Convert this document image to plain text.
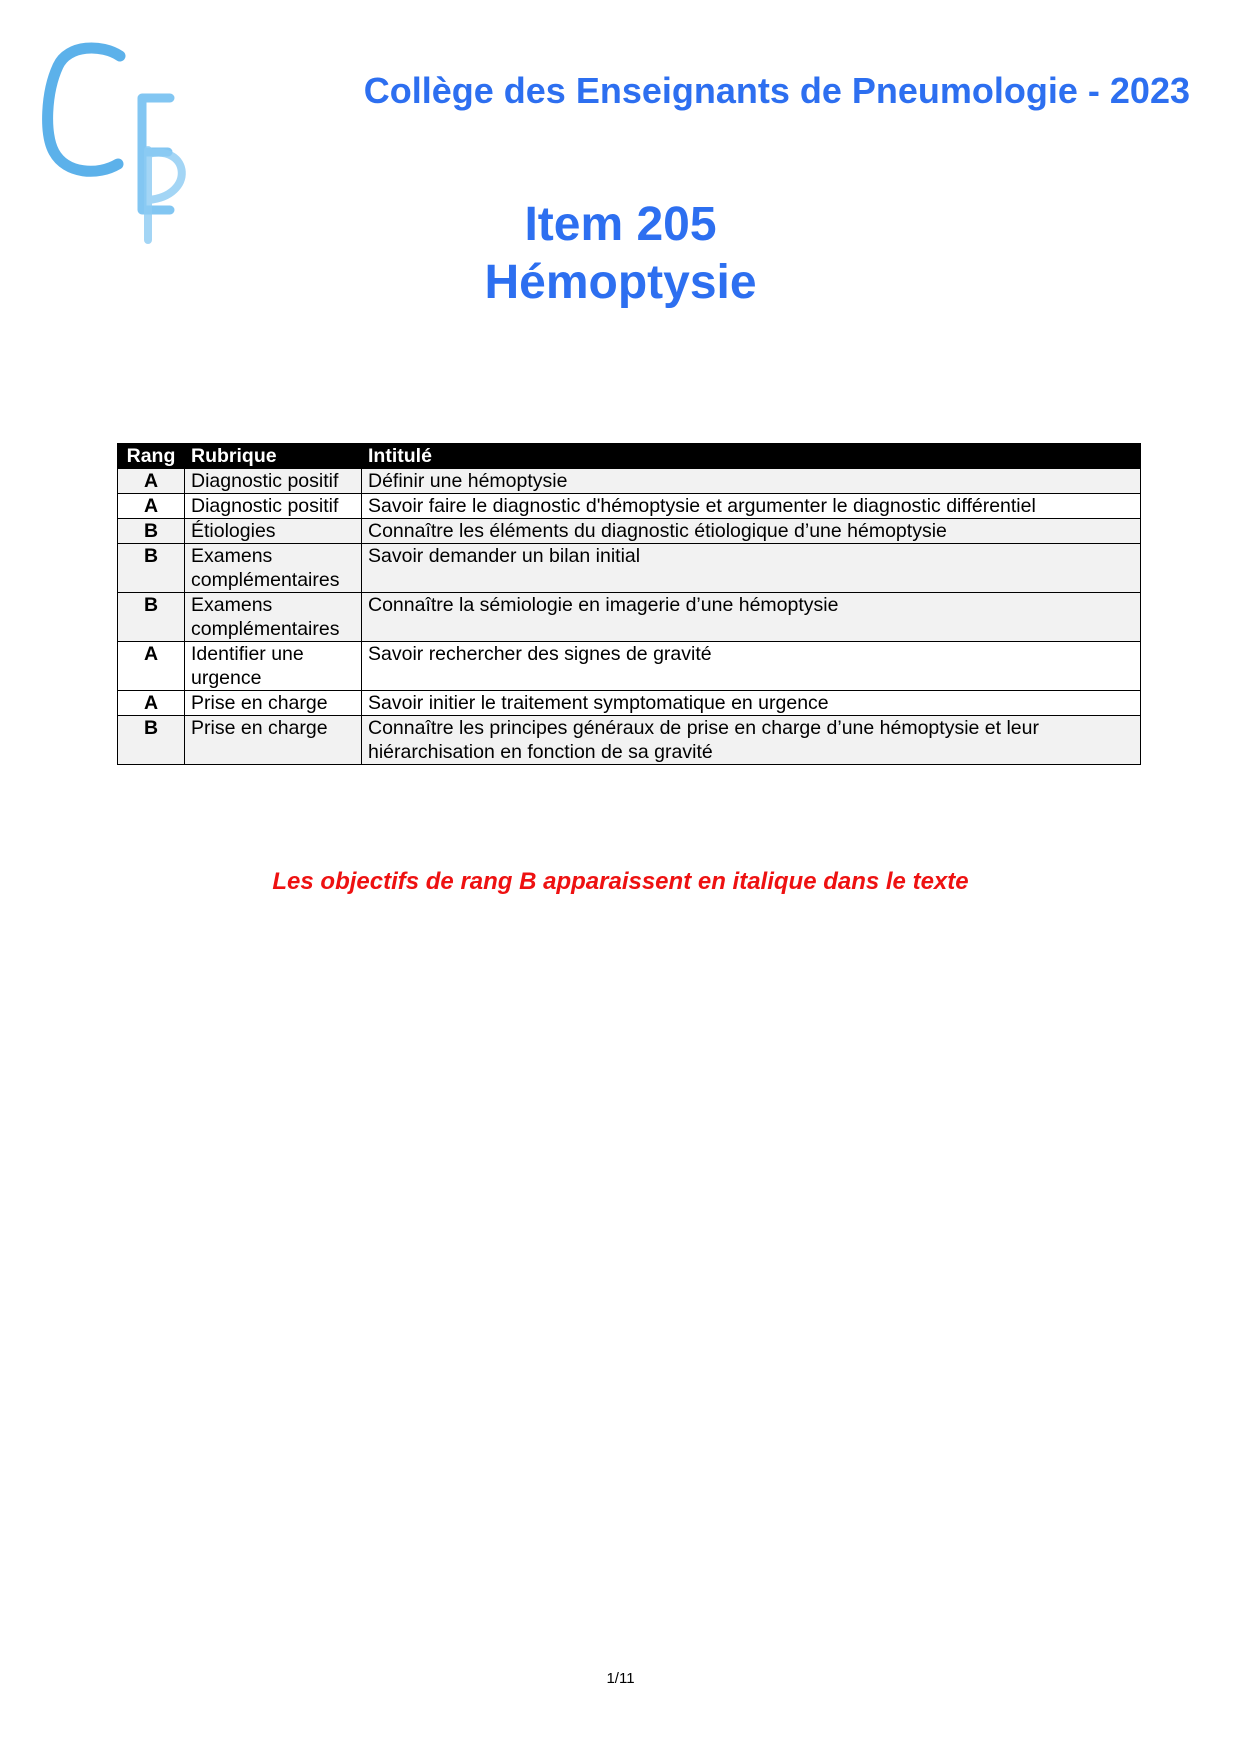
Collège des Enseignants de Pneumologie - 2023
Item 205
Hémoptysie
Rang	Rubrique	Intitulé
A	Diagnostic positif	Définir une hémoptysie
A	Diagnostic positif	Savoir faire le diagnostic d'hémoptysie et argumenter le diagnostic différentiel
B	Étiologies	Connaître les éléments du diagnostic étiologique d’une hémoptysie
B	Examens complémentaires	Savoir demander un bilan initial
B	Examens complémentaires	Connaître la sémiologie en imagerie d’une hémoptysie
A	Identifier une urgence	Savoir rechercher des signes de gravité
A	Prise en charge	Savoir initier le traitement symptomatique en urgence
B	Prise en charge	Connaître les principes généraux de prise en charge d’une hémoptysie et leur hiérarchisation en fonction de sa gravité
Les objectifs de rang B apparaissent en italique dans le texte
1/11
